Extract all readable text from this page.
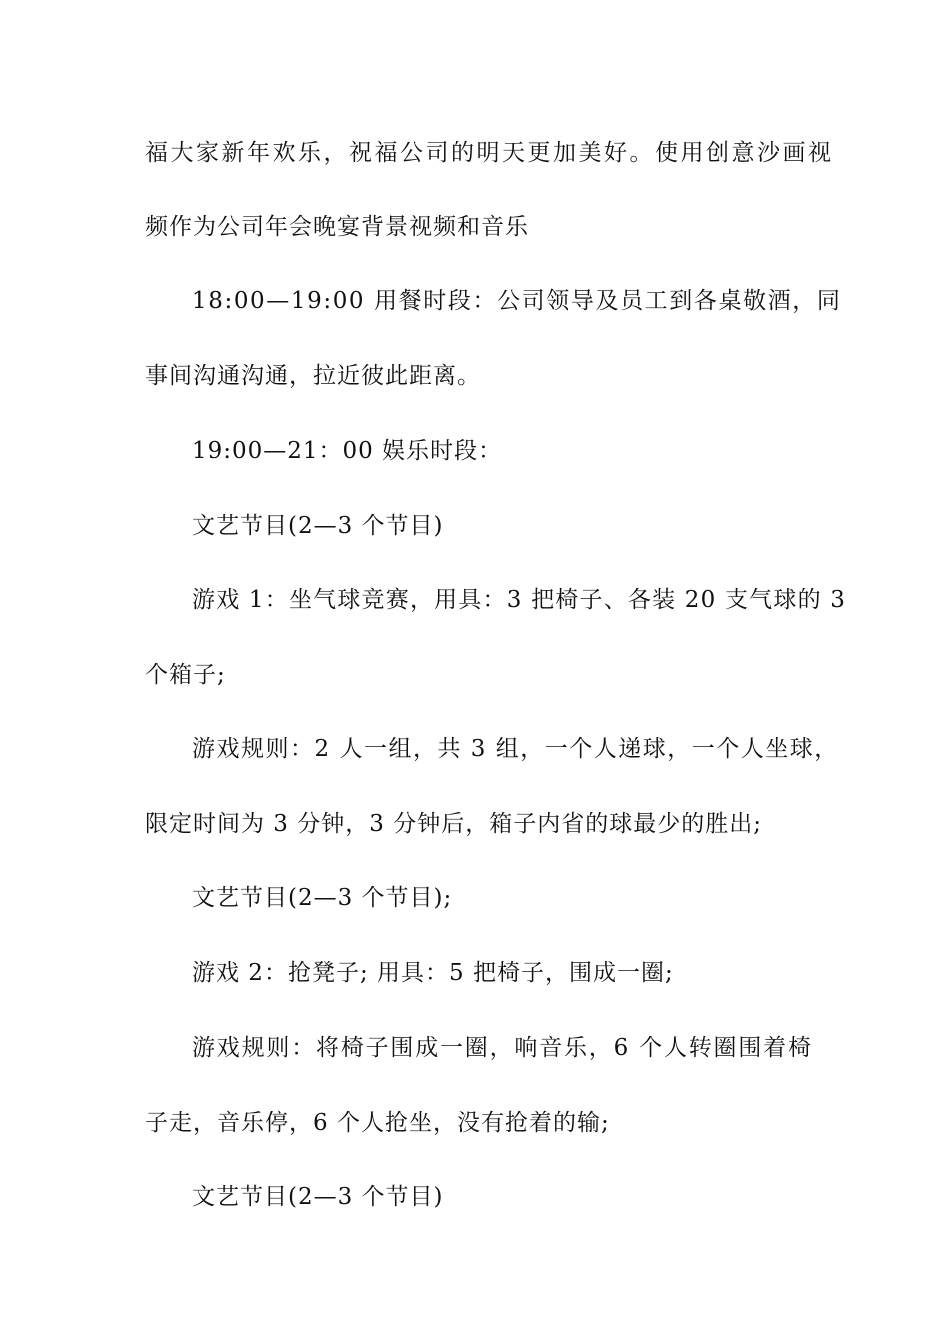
福大家新年欢乐，祝福公司的明天更加美好。使用创意沙画视
频作为公司年会晚宴背景视频和音乐
18:00—19:00 用餐时段：公司领导及员工到各桌敬酒，同
事间沟通沟通，拉近彼此距离。
19:00—21：00 娱乐时段：
文艺节目(2—3 个节目)
游戏 1：坐气球竞赛，用具：3 把椅子、各装 20 支气球的 3
个箱子;
游戏规则：2 人一组，共 3 组，一个人递球，一个人坐球，
限定时间为 3 分钟，3 分钟后，箱子内省的球最少的胜出;
文艺节目(2—3 个节目);
游戏 2：抢凳子; 用具：5 把椅子，围成一圈;
游戏规则：将椅子围成一圈，响音乐，6 个人转圈围着椅
子走，音乐停，6 个人抢坐，没有抢着的输;
文艺节目(2—3 个节目)
